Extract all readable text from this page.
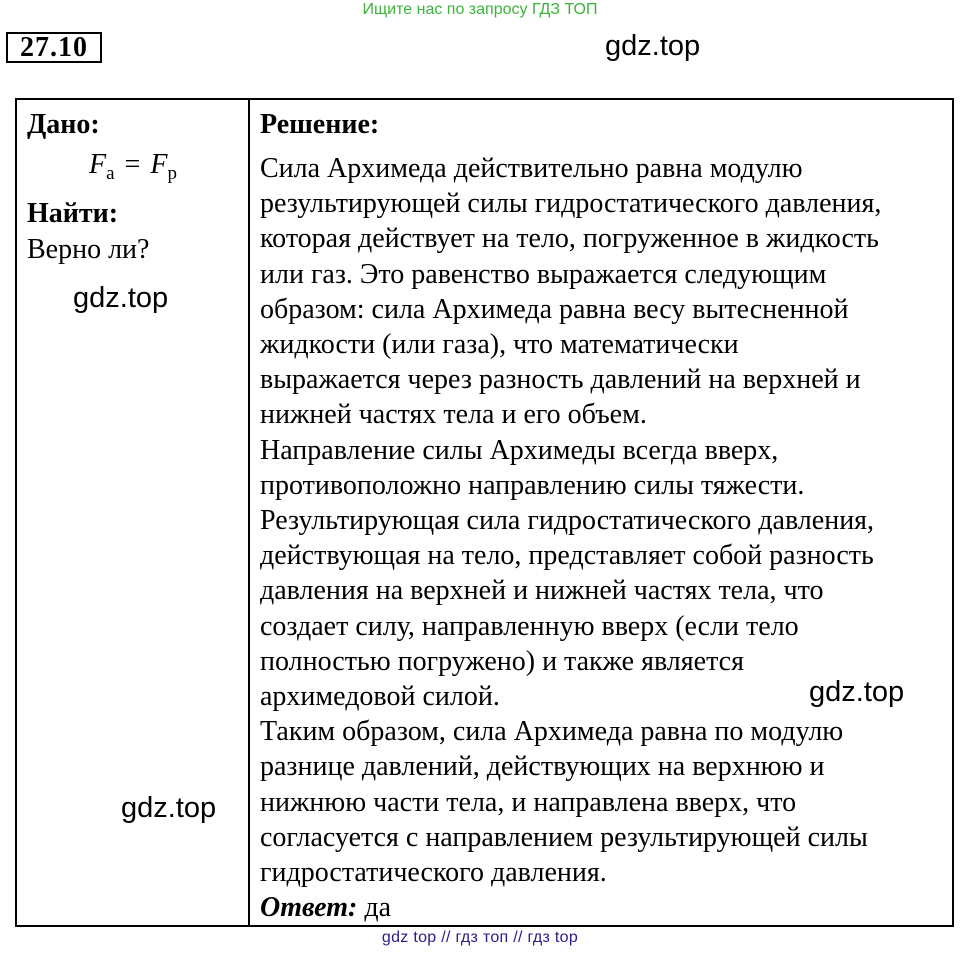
Ищите нас по запросу ГДЗ ТОП
27.10
Дано:
$F_a = F_p$
Найти:
Верно ли?

Решение:
Сила Архимеда действительно равна модулю
результирующей силы гидростатического давления,
которая действует на тело, погруженное в жидкость
или газ. Это равенство выражается следующим
образом: сила Архимеда равна весу вытесненной
жидкости (или газа), что математически
выражается через разность давлений на верхней и
нижней частях тела и его объем.
Направление силы Архимеды всегда вверх,
противоположно направлению силы тяжести.
Результирующая сила гидростатического давления,
действующая на тело, представляет собой разность
давления на верхней и нижней частях тела, что
создает силу, направленную вверх (если тело
полностью погружено) и также является
архимедовой силой.
Таким образом, сила Архимеда равна по модулю
разнице давлений, действующих на верхнюю и
нижнюю части тела, и направлена вверх, что
согласуется с направлением результирующей силы
гидростатического давления.
Ответ: да
gdz.top
gdz.top
gdz.top
gdz.top
gdz top // гдз топ // гдз top
